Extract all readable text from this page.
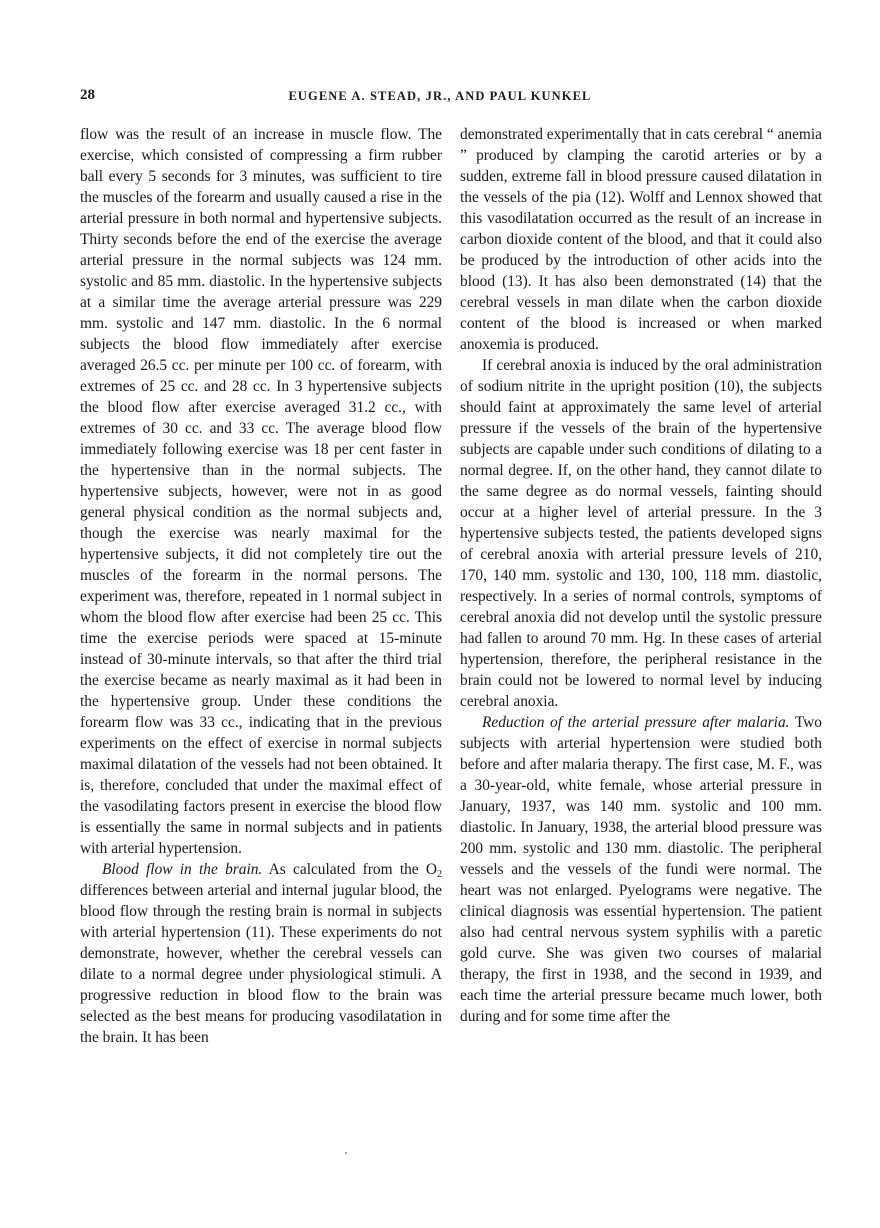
28	EUGENE A. STEAD, JR., AND PAUL KUNKEL

flow was the result of an increase in muscle flow. The exercise, which consisted of compressing a firm rubber ball every 5 seconds for 3 minutes, was sufficient to tire the muscles of the forearm and usually caused a rise in the arterial pressure in both normal and hypertensive subjects. Thirty seconds before the end of the exercise the average arterial pressure in the normal subjects was 124 mm. systolic and 85 mm. diastolic. In the hypertensive subjects at a similar time the average arterial pressure was 229 mm. systolic and 147 mm. diastolic. In the 6 normal subjects the blood flow immediately after exercise averaged 26.5 cc. per minute per 100 cc. of forearm, with extremes of 25 cc. and 28 cc. In 3 hypertensive subjects the blood flow after exercise averaged 31.2 cc., with extremes of 30 cc. and 33 cc. The average blood flow immediately following exercise was 18 per cent faster in the hypertensive than in the normal subjects. The hypertensive subjects, however, were not in as good general physical condition as the normal subjects and, though the exercise was nearly maximal for the hypertensive subjects, it did not completely tire out the muscles of the forearm in the normal persons. The experiment was, therefore, repeated in 1 normal subject in whom the blood flow after exercise had been 25 cc. This time the exercise periods were spaced at 15-minute instead of 30-minute intervals, so that after the third trial the exercise became as nearly maximal as it had been in the hypertensive group. Under these conditions the forearm flow was 33 cc., indicating that in the previous experiments on the effect of exercise in normal subjects maximal dilatation of the vessels had not been obtained. It is, therefore, concluded that under the maximal effect of the vasodilating factors present in exercise the blood flow is essentially the same in normal subjects and in patients with arterial hypertension.

Blood flow in the brain. As calculated from the $O_2$ differences between arterial and internal jugular blood, the blood flow through the resting brain is normal in subjects with arterial hypertension (11). These experiments do not demonstrate, however, whether the cerebral vessels can dilate to a normal degree under physiological stimuli. A progressive reduction in blood flow to the brain was selected as the best means for producing vasodilatation in the brain. It has been

demonstrated experimentally that in cats cerebral “ anemia ” produced by clamping the carotid arteries or by a sudden, extreme fall in blood pressure caused dilatation in the vessels of the pia (12). Wolff and Lennox showed that this vasodilatation occurred as the result of an increase in carbon dioxide content of the blood, and that it could also be produced by the introduction of other acids into the blood (13). It has also been demonstrated (14) that the cerebral vessels in man dilate when the carbon dioxide content of the blood is increased or when marked anoxemia is produced.

If cerebral anoxia is induced by the oral administration of sodium nitrite in the upright position (10), the subjects should faint at approximately the same level of arterial pressure if the vessels of the brain of the hypertensive subjects are capable under such conditions of dilating to a normal degree. If, on the other hand, they cannot dilate to the same degree as do normal vessels, fainting should occur at a higher level of arterial pressure. In the 3 hypertensive subjects tested, the patients developed signs of cerebral anoxia with arterial pressure levels of 210, 170, 140 mm. systolic and 130, 100, 118 mm. diastolic, respectively. In a series of normal controls, symptoms of cerebral anoxia did not develop until the systolic pressure had fallen to around 70 mm. Hg. In these cases of arterial hypertension, therefore, the peripheral resistance in the brain could not be lowered to normal level by inducing cerebral anoxia.

Reduction of the arterial pressure after malaria. Two subjects with arterial hypertension were studied both before and after malaria therapy. The first case, M. F., was a 30-year-old, white female, whose arterial pressure in January, 1937, was 140 mm. systolic and 100 mm. diastolic. In January, 1938, the arterial blood pressure was 200 mm. systolic and 130 mm. diastolic. The peripheral vessels and the vessels of the fundi were normal. The heart was not enlarged. Pyelograms were negative. The clinical diagnosis was essential hypertension. The patient also had central nervous system syphilis with a paretic gold curve. She was given two courses of malarial therapy, the first in 1938, and the second in 1939, and each time the arterial pressure became much lower, both during and for some time after the
